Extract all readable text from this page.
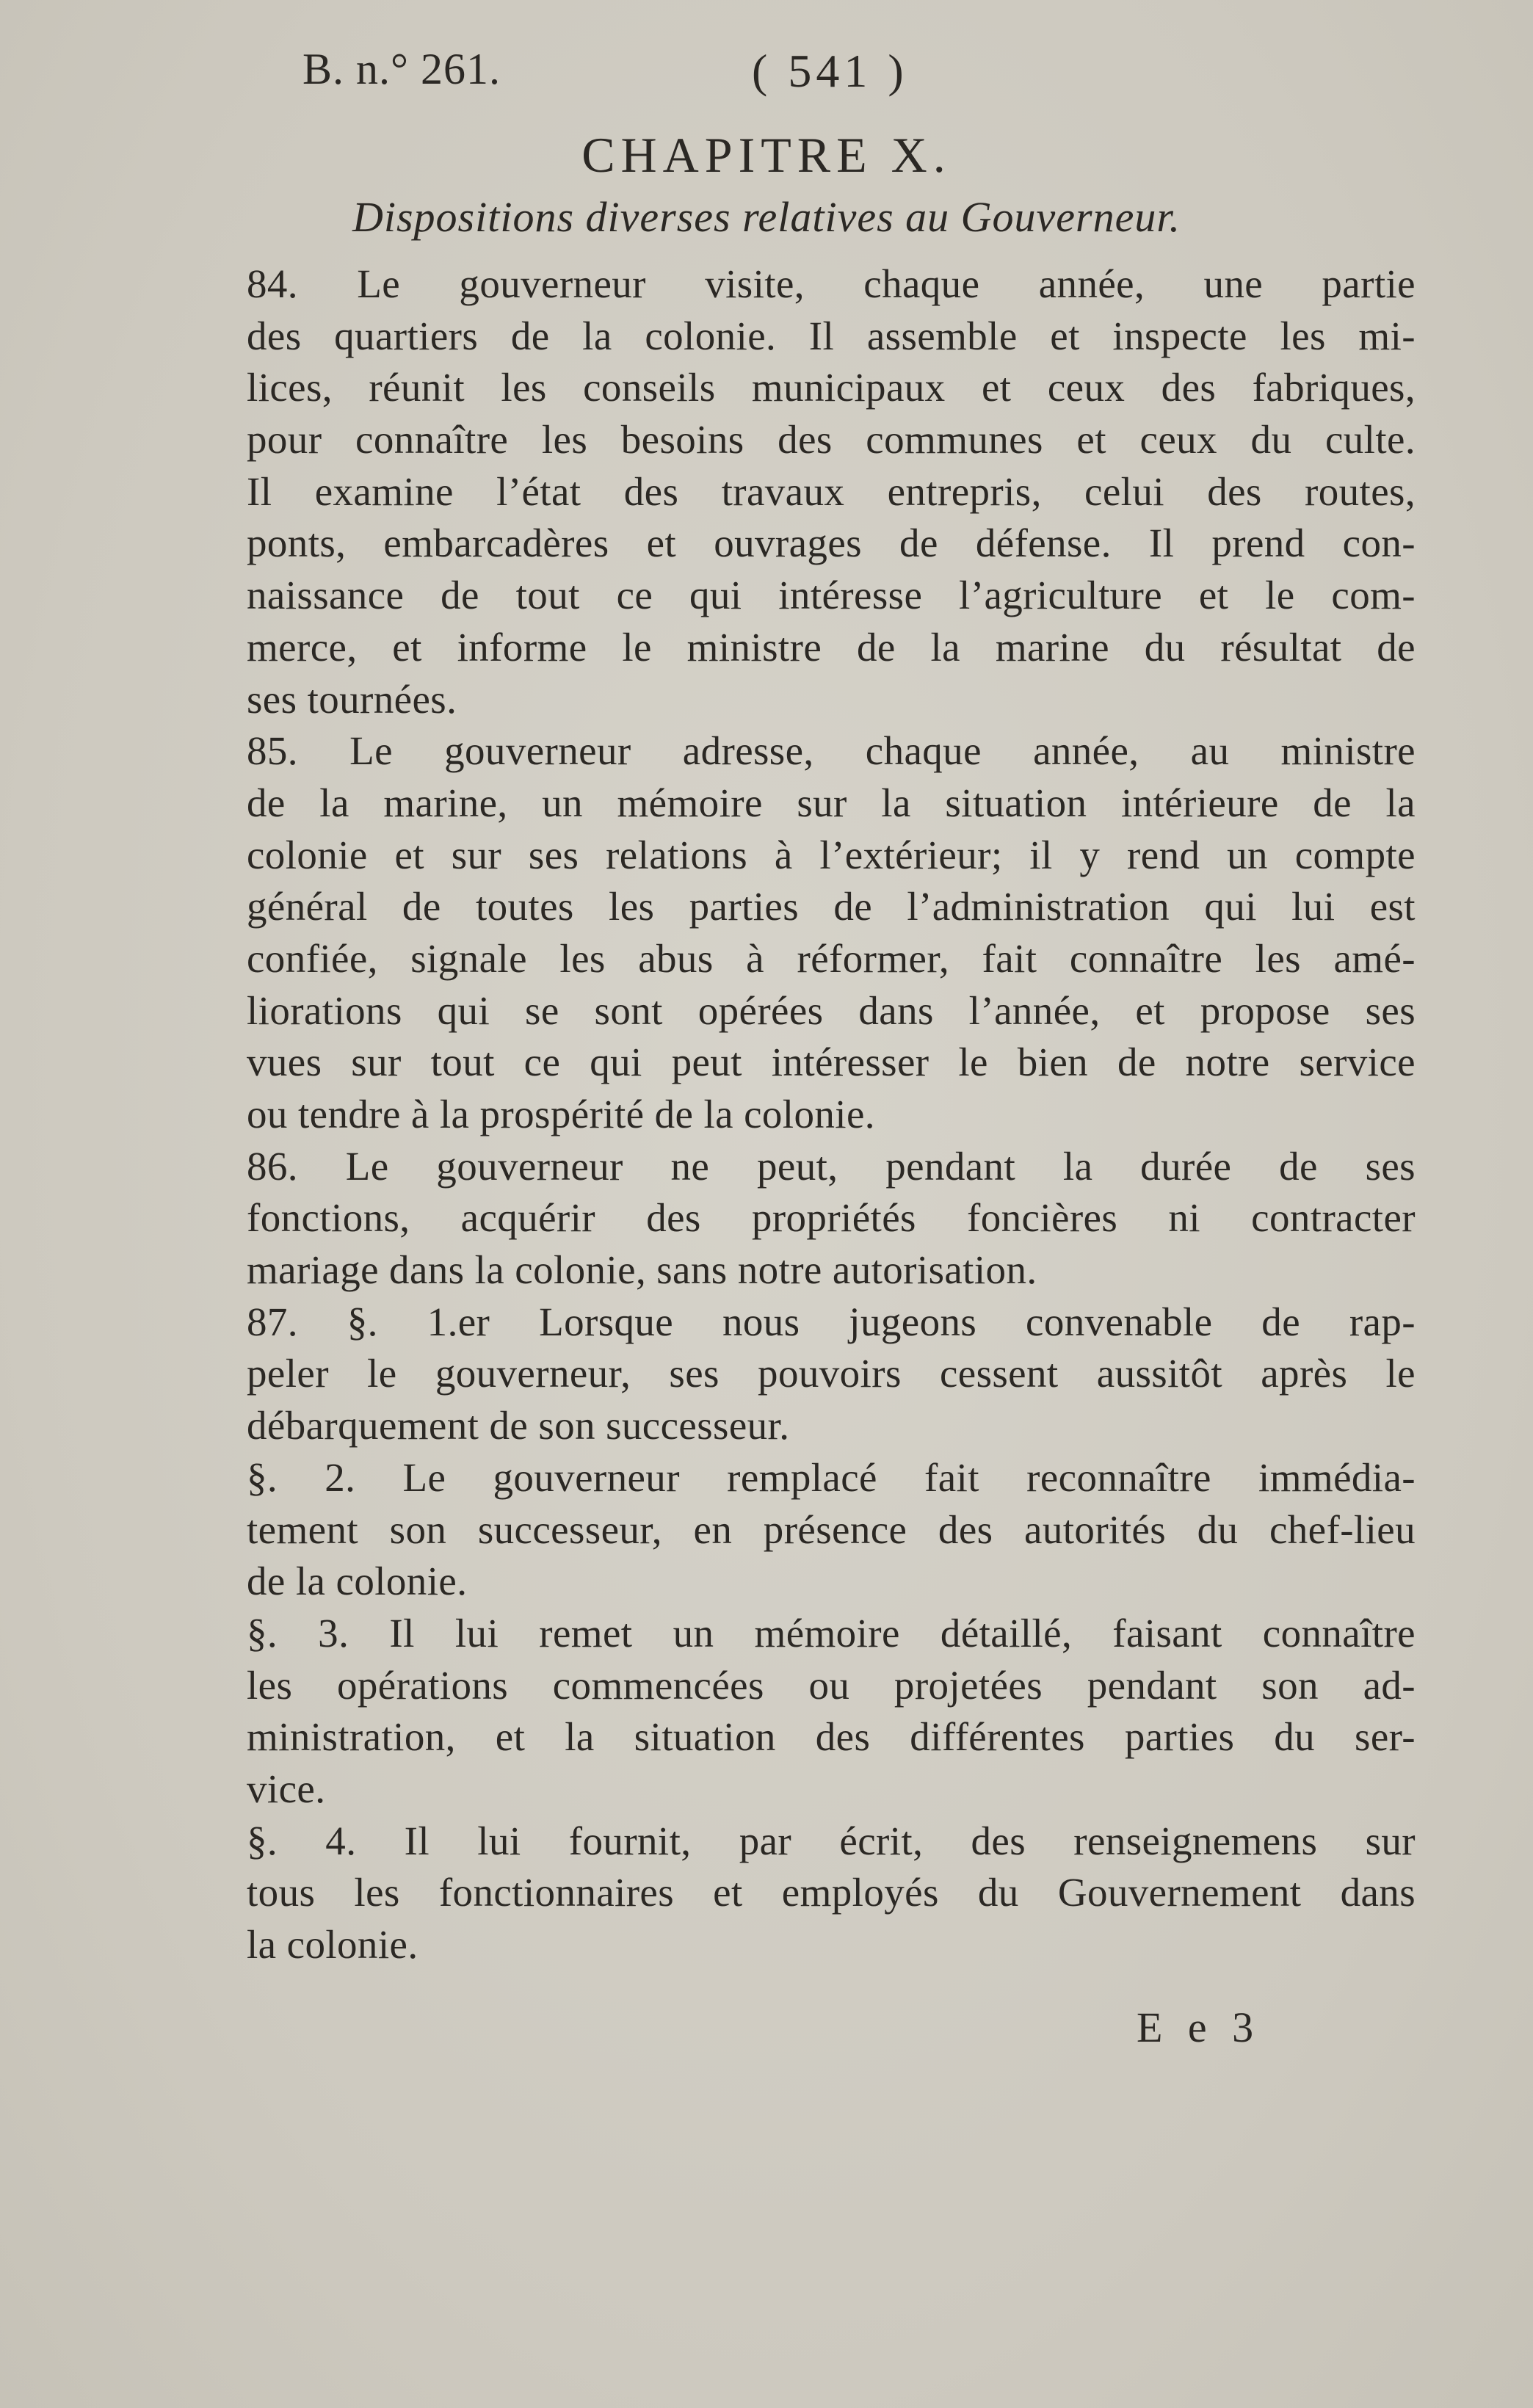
B. n.° 261.	( 541 )
CHAPITRE X.
Dispositions diverses relatives au Gouverneur.
84. Le gouverneur visite, chaque année, une partie
des quartiers de la colonie. Il assemble et inspecte les mi-
lices, réunit les conseils municipaux et ceux des fabriques,
pour connaître les besoins des communes et ceux du culte.
Il examine l’état des travaux entrepris, celui des routes,
ponts, embarcadères et ouvrages de défense. Il prend con-
naissance de tout ce qui intéresse l’agriculture et le com-
merce, et informe le ministre de la marine du résultat de
ses tournées.
85. Le gouverneur adresse, chaque année, au ministre
de la marine, un mémoire sur la situation intérieure de la
colonie et sur ses relations à l’extérieur; il y rend un compte
général de toutes les parties de l’administration qui lui est
confiée, signale les abus à réformer, fait connaître les amé-
liorations qui se sont opérées dans l’année, et propose ses
vues sur tout ce qui peut intéresser le bien de notre service
ou tendre à la prospérité de la colonie.
86. Le gouverneur ne peut, pendant la durée de ses
fonctions, acquérir des propriétés foncières ni contracter
mariage dans la colonie, sans notre autorisation.
87. §. 1.er Lorsque nous jugeons convenable de rap-
peler le gouverneur, ses pouvoirs cessent aussitôt après le
débarquement de son successeur.
§. 2. Le gouverneur remplacé fait reconnaître immédia-
tement son successeur, en présence des autorités du chef-lieu
de la colonie.
§. 3. Il lui remet un mémoire détaillé, faisant connaître
les opérations commencées ou projetées pendant son ad-
ministration, et la situation des différentes parties du ser-
vice.
§. 4. Il lui fournit, par écrit, des renseignemens sur
tous les fonctionnaires et employés du Gouvernement dans
la colonie.
E e 3
